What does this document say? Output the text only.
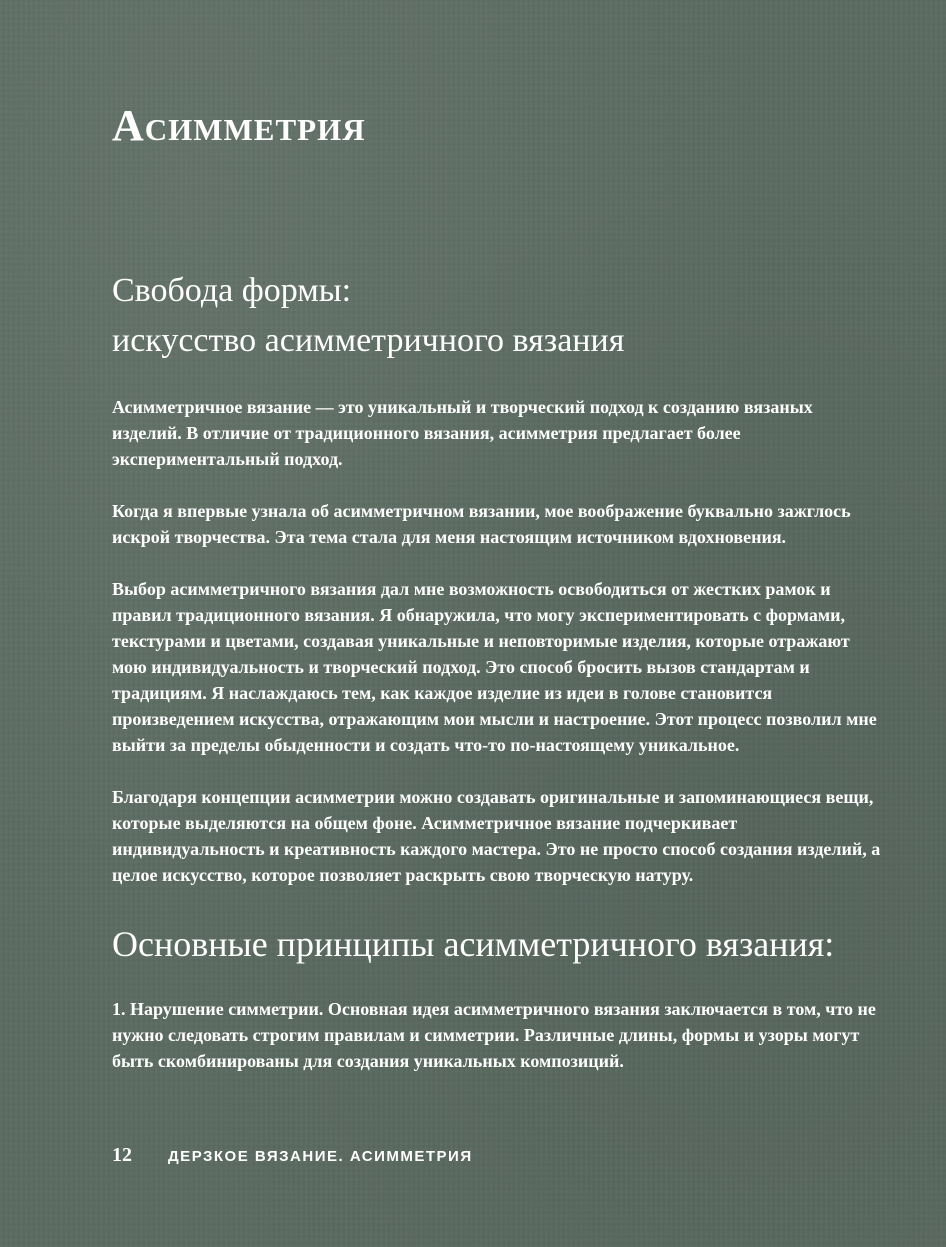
Асимметрия
Свобода формы:
искусство асимметричного вязания

Асимметричное вязание — это уникальный и творческий подход к созданию вязаных изделий. В отличие от традиционного вязания, асимметрия предлагает более экспериментальный подход.

Когда я впервые узнала об асимметричном вязании, мое воображение буквально зажглось искрой творчества. Эта тема стала для меня настоящим источником вдохновения.

Выбор асимметричного вязания дал мне возможность освободиться от жестких рамок и правил традиционного вязания. Я обнаружила, что могу экспериментировать с формами, текстурами и цветами, создавая уникальные и неповторимые изделия, которые отражают мою индивидуальность и творческий подход. Это способ бросить вызов стандартам и традициям. Я наслаждаюсь тем, как каждое изделие из идеи в голове становится произведением искусства, отражающим мои мысли и настроение. Этот процесс позволил мне выйти за пределы обыденности и создать что-то по-настоящему уникальное.

Благодаря концепции асимметрии можно создавать оригинальные и запоминающиеся вещи, которые выделяются на общем фоне. Асимметричное вязание подчеркивает индивидуальность и креативность каждого мастера. Это не просто способ создания изделий, а целое искусство, которое позволяет раскрыть свою творческую натуру.

Основные принципы асимметричного вязания:

1. Нарушение симметрии. Основная идея асимметричного вязания заключается в том, что не нужно следовать строгим правилам и симметрии. Различные длины, формы и узоры могут быть скомбинированы для создания уникальных композиций.

12 ДЕРЗКОЕ ВЯЗАНИЕ. АСИММЕТРИЯ
